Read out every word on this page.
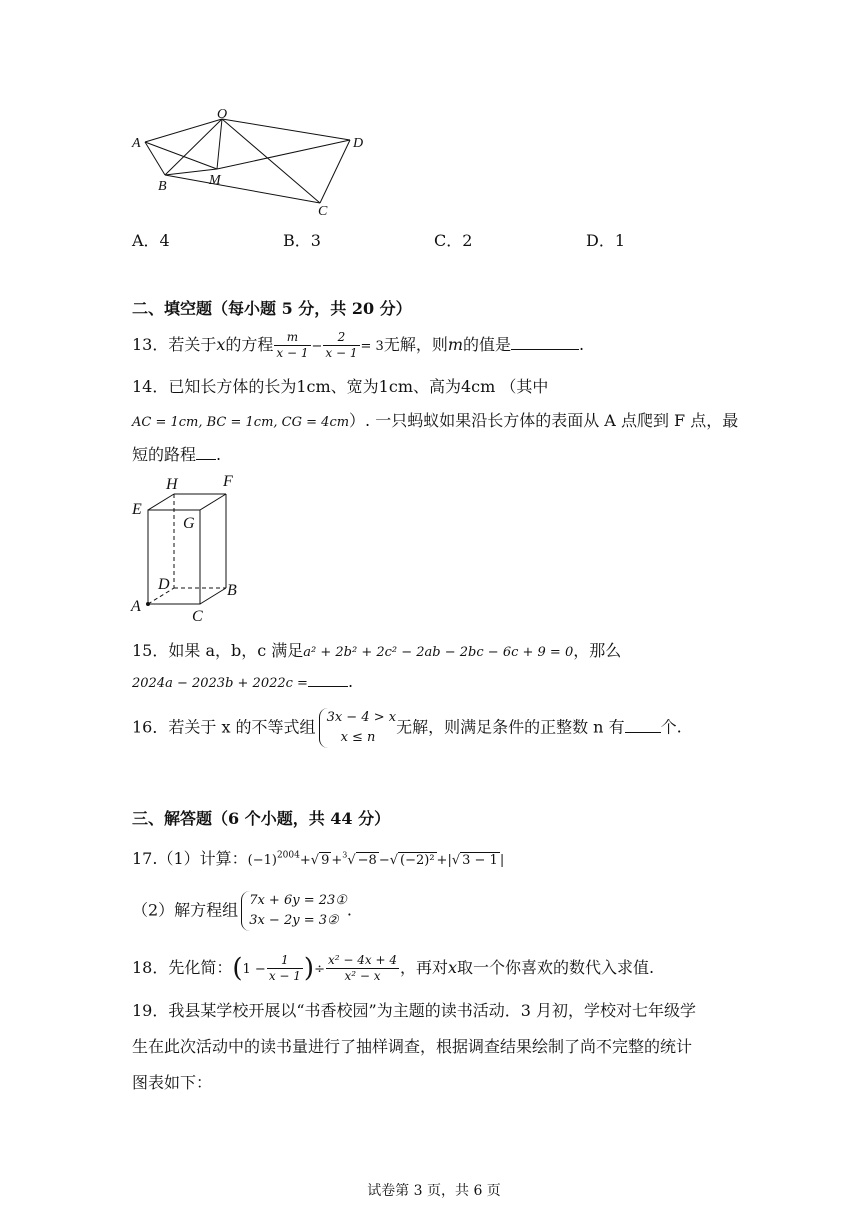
O
A	D
B	M
C
A．4	B．3	C．2	D．1
二、填空题（每小题 5 分，共 20 分）
13．若关于x的方程 $\frac{m}{x - 1} - \frac{2}{x - 1} = 3$无解，则m的值是	.
14．已知长方体的长为1cm、宽为1cm、高为4cm （其中
AC = 1cm, BC = 1cm, CG = 4cm）. 一只蚂蚁如果沿长方体的表面从 A 点爬到 F 点，最
短的路程 .
H	F
E
G
D
A
B
C
15．如果 a，b，c 满足a² + 2b² + 2c² − 2ab − 2bc − 6c + 9 = 0，那么
2024a − 2023b + 2022c =	.
16．若关于 x 的不等式组 3x − 4 > x
x ≤ n
无解，则满足条件的正整数 n 有 个.
三、解答题（6 个小题，共 44 分）
17.（1）计算：$(-1)^{2004}+√$ 9 +$^3$√ −8 −√ (−2)² +|√ 3 − 1 |
（2）解方程组 7x + 6y = 23①
3x − 2y = 3②
.
18．先化简：($1 - \frac{1}{x - 1}$ )÷ $\frac{\text{x² − 4x + 4}}{\text{x² − x}}$ ，再对x取一个你喜欢的数代入求值.
19．我县某学校开展以“书香校园”为主题的读书活动．3 月初，学校对七年级学
生在此次活动中的读书量进行了抽样调查，根据调查结果绘制了尚不完整的统计
图表如下：
试卷第 3 页，共 6 页
